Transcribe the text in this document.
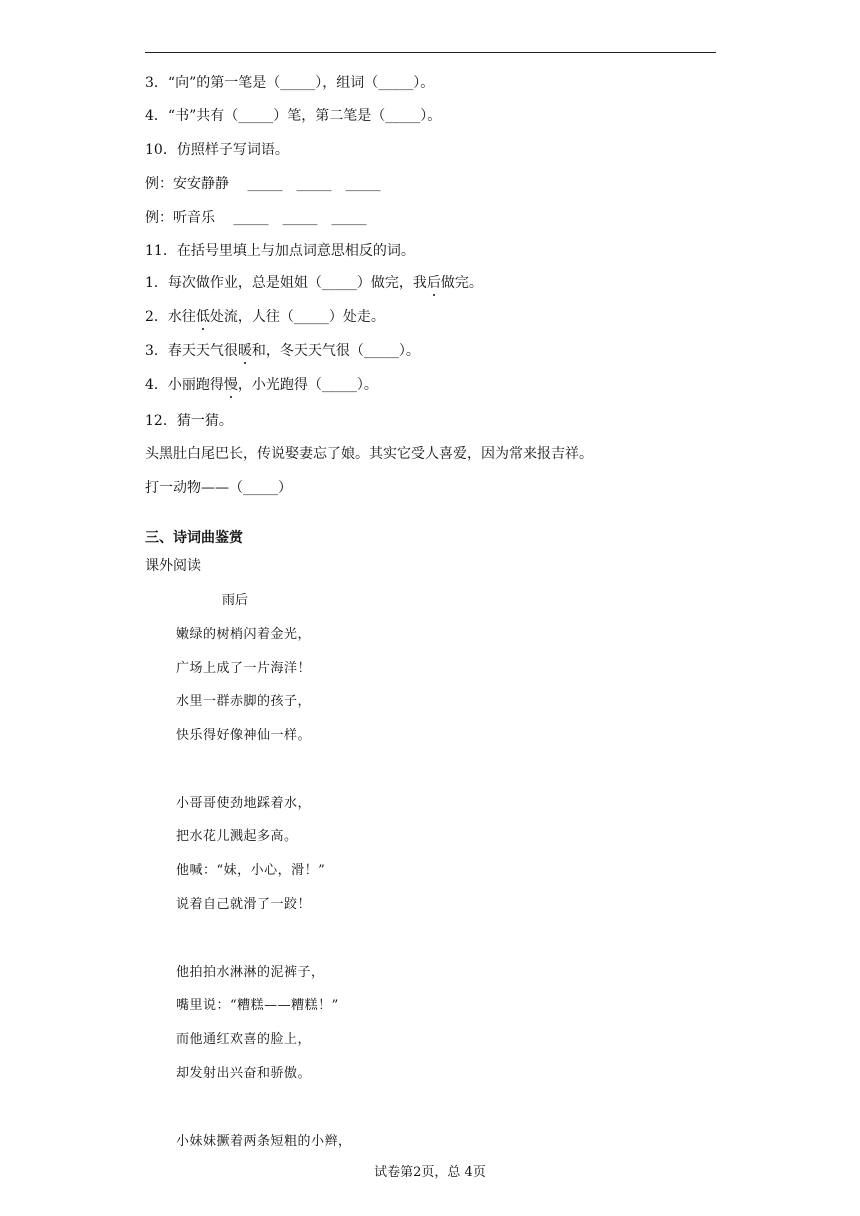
3．“向”的第一笔是（_____），组词（_____）。
4．“书”共有（_____）笔，第二笔是（_____）。
10．仿照样子写词语。
例：安安静静　 _____　_____　_____
例：听音乐　 _____　_____　_____
11．在括号里填上与加点词意思相反的词。
1．每次做作业，总是姐姐（_____）做完，我后做完。
2．水往低处流，人往（_____）处走。
3．春天天气很暖和，冬天天气很（_____）。
4．小丽跑得慢，小光跑得（_____）。
12．猜一猜。
头黑肚白尾巴长，传说娶妻忘了娘。其实它受人喜爱，因为常来报吉祥。
打一动物——（_____）
三、诗词曲鉴赏
课外阅读
雨后
嫩绿的树梢闪着金光，
广场上成了一片海洋！
水里一群赤脚的孩子，
快乐得好像神仙一样。
小哥哥使劲地踩着水，
把水花儿溅起多高。
他喊：“妹，小心，滑！”
说着自己就滑了一跤！
他拍拍水淋淋的泥裤子，
嘴里说：“糟糕——糟糕！”
而他通红欢喜的脸上，
却发射出兴奋和骄傲。
小妹妹撅着两条短粗的小辫，
试卷第2页，总 4页
